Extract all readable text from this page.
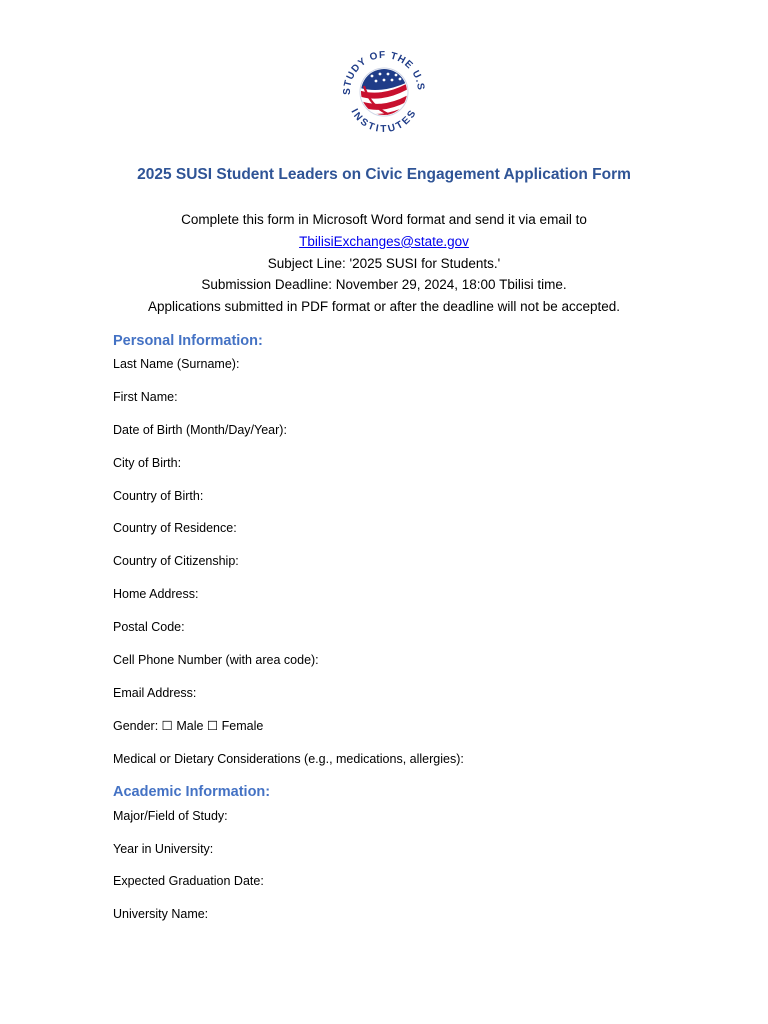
STUDY OF THE U.S
INSTITUTES
2025 SUSI Student Leaders on Civic Engagement Application Form
Complete this form in Microsoft Word format and send it via email to
TbilisiExchanges@state.gov
Subject Line: '2025 SUSI for Students.'
Submission Deadline: November 29, 2024, 18:00 Tbilisi time.
Applications submitted in PDF format or after the deadline will not be accepted.
Personal Information:
Last Name (Surname):
First Name:
Date of Birth (Month/Day/Year):
City of Birth:
Country of Birth:
Country of Residence:
Country of Citizenship:
Home Address:
Postal Code:
Cell Phone Number (with area code):
Email Address:
Gender: ☐ Male ☐ Female
Medical or Dietary Considerations (e.g., medications, allergies):
Academic Information:
Major/Field of Study:
Year in University:
Expected Graduation Date:
University Name:
